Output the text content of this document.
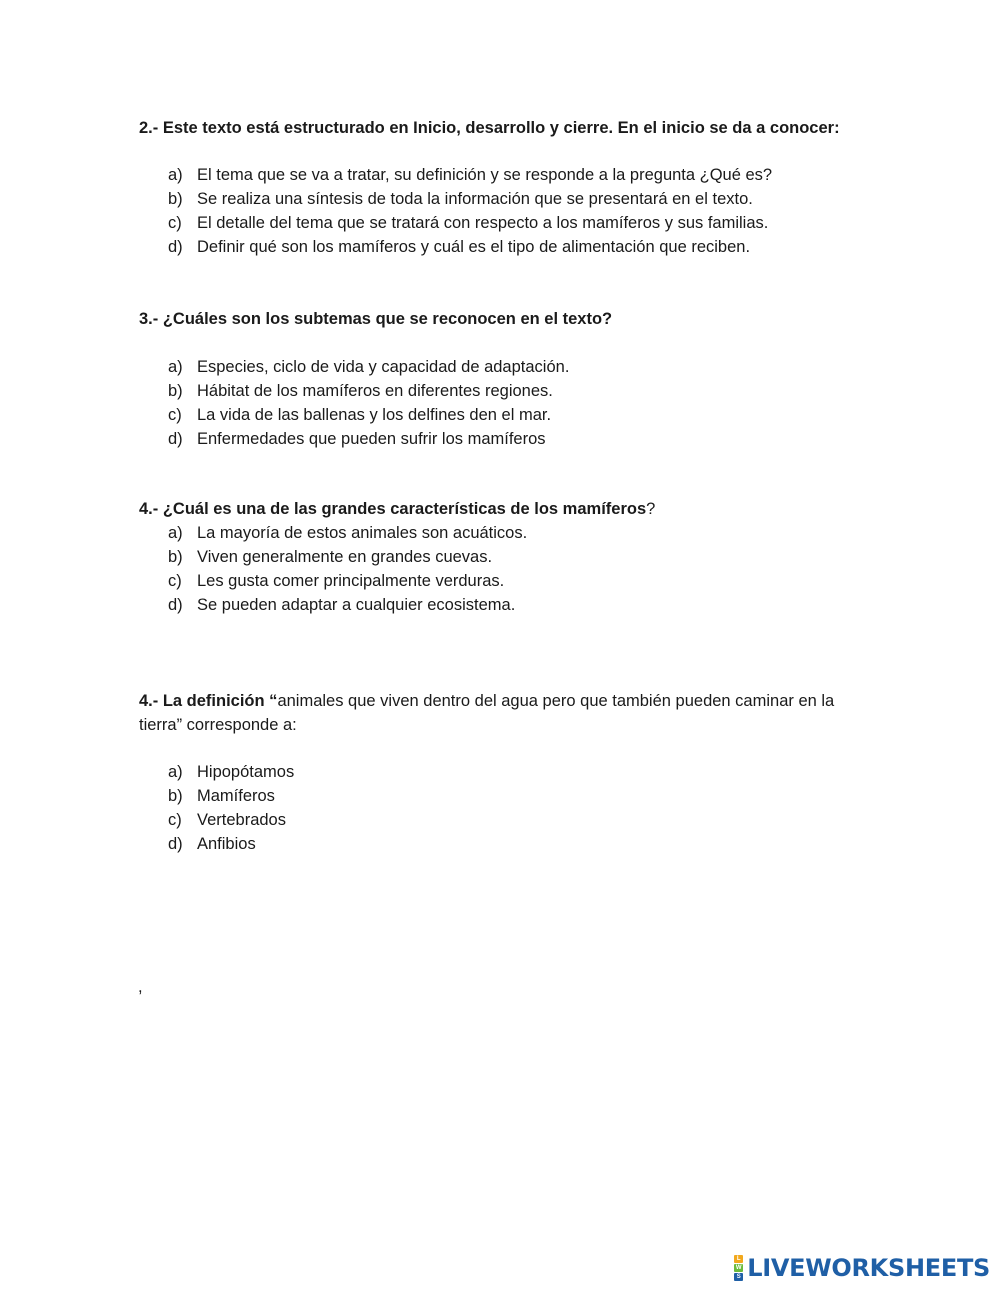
2.- Este texto está estructurado en Inicio, desarrollo y cierre. En el inicio se da a conocer:
a) El tema que se va a tratar, su definición y se responde a la pregunta ¿Qué es?
b) Se realiza una síntesis de toda la información que se presentará en el texto.
c) El detalle del tema que se tratará con respecto a los mamíferos y sus familias.
d) Definir qué son los mamíferos y cuál es el tipo de alimentación que reciben.
3.- ¿Cuáles son los subtemas que se reconocen en el texto?
a) Especies, ciclo de vida y capacidad de adaptación.
b) Hábitat de los mamíferos en diferentes regiones.
c) La vida de las ballenas y los delfines den el mar.
d) Enfermedades que pueden sufrir los mamíferos
4.- ¿Cuál es una de las grandes características de los mamíferos?
a) La mayoría de estos animales son acuáticos.
b) Viven generalmente en grandes cuevas.
c) Les gusta comer principalmente verduras.
d) Se pueden adaptar a cualquier ecosistema.
4.- La definición “animales que viven dentro del agua pero que también pueden caminar en la tierra” corresponde a:
a) Hipopótamos
b) Mamíferos
c) Vertebrados
d) Anfibios
,
L
W
S LIVEWORKSHEETS
